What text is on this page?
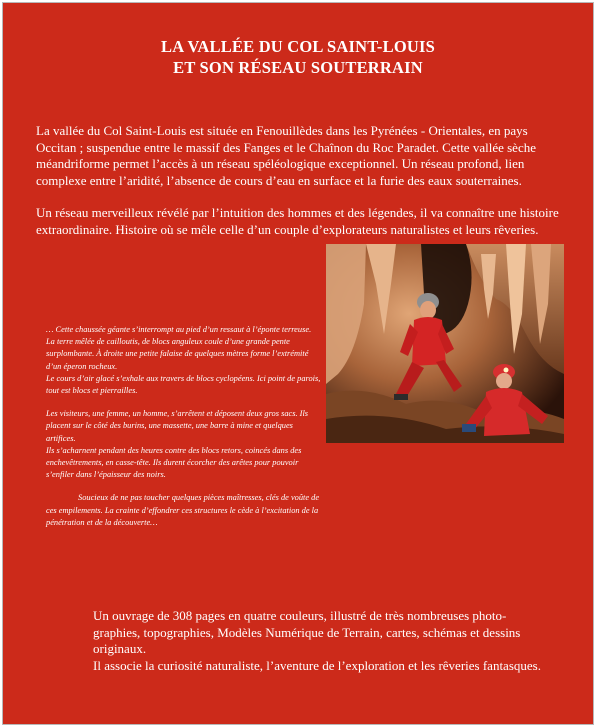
LA VALLÉE DU COL SAINT-LOUIS
ET SON RÉSEAU SOUTERRAIN

La vallée du Col Saint-Louis est située en Fenouillèdes dans les Pyrénées - Orientales, en pays Occitan ; suspendue entre le massif des Fanges et le Chaînon du Roc Paradet. Cette vallée sèche méandriforme permet l’accès à un réseau spéléologique exceptionnel. Un réseau profond, lien complexe entre l’aridité, l’absence de cours d’eau en surface et la furie des eaux souterraines.

Un réseau merveilleux révélé par l’intuition des hommes et des légendes, il va connaître une histoire extraordinaire. Histoire où se mêle celle d’un couple d’explorateurs naturalistes et leurs rêveries.

… Cette chaussée géante s’interrompt au pied d’un ressaut à l’éponte terreuse. La terre mêlée de cailloutis, de blocs anguleux coule d’une grande pente surplombante. À droite une petite falaise de quelques mètres forme l’extrémité d’un éperon rocheux.

Le cours d’air glacé s’exhale aux travers de blocs cyclopéens. Ici point de parois, tout est blocs et pierrailles.

Les visiteurs, une femme, un homme, s’arrêtent et déposent deux gros sacs. Ils placent sur le côté des burins, une massette, une barre à mine et quelques artifices.

Ils s’acharnent pendant des heures contre des blocs retors, coincés dans des enchevêtrements, en casse-tête. Ils durent écorcher des arêtes pour pouvoir s’enfiler dans l’épaisseur des noirs.

Soucieux de ne pas toucher quelques pièces maîtresses, clés de voûte de ces empilements. La crainte d’effondrer ces structures le cède à l’excitation de la pénétration et de la découverte…

Un ouvrage de 308 pages en quatre couleurs, illustré de très nombreuses photo-graphies, topographies, Modèles Numérique de Terrain, cartes, schémas et dessins originaux.

Il associe la curiosité naturaliste, l’aventure de l’exploration et les rêveries fantasques.
